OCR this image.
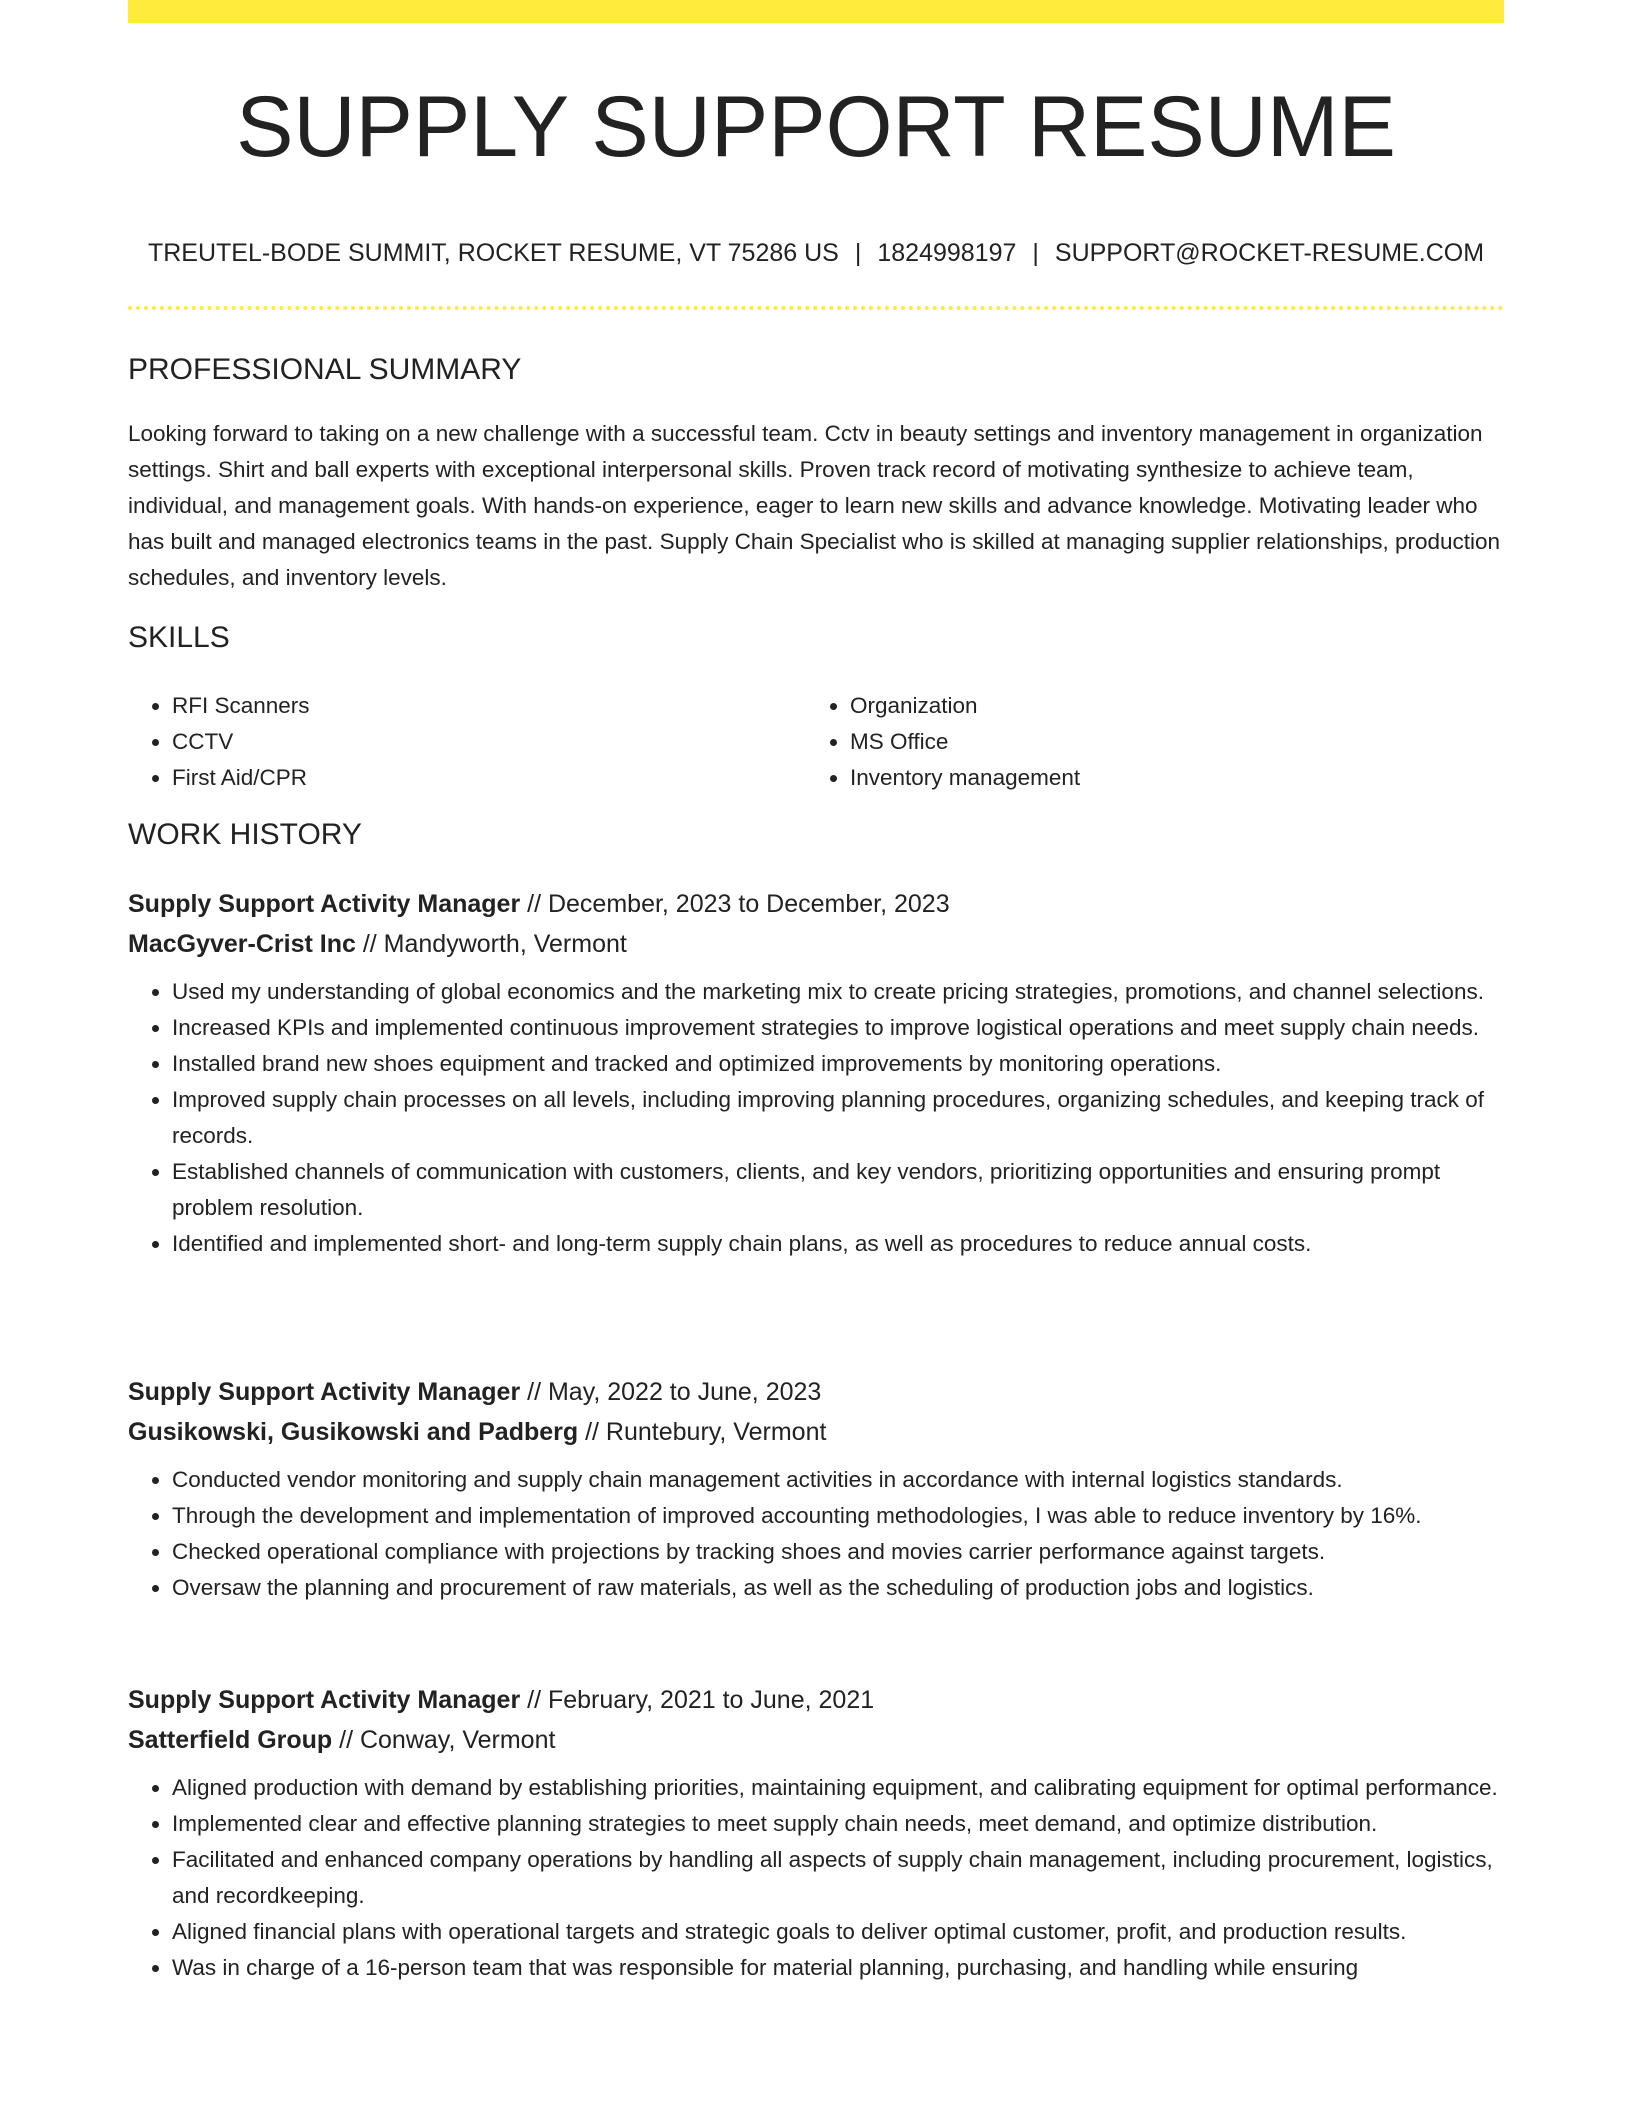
SUPPLY SUPPORT RESUME
TREUTEL-BODE SUMMIT, ROCKET RESUME, VT 75286 US | 1824998197 | SUPPORT@ROCKET-RESUME.COM
PROFESSIONAL SUMMARY

Looking forward to taking on a new challenge with a successful team. Cctv in beauty settings and inventory management in organization settings. Shirt and ball experts with exceptional interpersonal skills. Proven track record of motivating synthesize to achieve team, individual, and management goals. With hands-on experience, eager to learn new skills and advance knowledge. Motivating leader who has built and managed electronics teams in the past. Supply Chain Specialist who is skilled at managing supplier relationships, production schedules, and inventory levels.

SKILLS
• RFI Scanners
• CCTV
• First Aid/CPR
• Organization
• MS Office
• Inventory management
WORK HISTORY
Supply Support Activity Manager // December, 2023 to December, 2023
MacGyver-Crist Inc // Mandyworth, Vermont
• Used my understanding of global economics and the marketing mix to create pricing strategies, promotions, and channel selections.
• Increased KPIs and implemented continuous improvement strategies to improve logistical operations and meet supply chain needs.
• Installed brand new shoes equipment and tracked and optimized improvements by monitoring operations.
• Improved supply chain processes on all levels, including improving planning procedures, organizing schedules, and keeping track of records.
• Established channels of communication with customers, clients, and key vendors, prioritizing opportunities and ensuring prompt problem resolution.
• Identified and implemented short- and long-term supply chain plans, as well as procedures to reduce annual costs.
Supply Support Activity Manager // May, 2022 to June, 2023
Gusikowski, Gusikowski and Padberg // Runtebury, Vermont
• Conducted vendor monitoring and supply chain management activities in accordance with internal logistics standards.
• Through the development and implementation of improved accounting methodologies, I was able to reduce inventory by 16%.
• Checked operational compliance with projections by tracking shoes and movies carrier performance against targets.
• Oversaw the planning and procurement of raw materials, as well as the scheduling of production jobs and logistics.
Supply Support Activity Manager // February, 2021 to June, 2021
Satterfield Group // Conway, Vermont
• Aligned production with demand by establishing priorities, maintaining equipment, and calibrating equipment for optimal performance.
• Implemented clear and effective planning strategies to meet supply chain needs, meet demand, and optimize distribution.
• Facilitated and enhanced company operations by handling all aspects of supply chain management, including procurement, logistics, and recordkeeping.
• Aligned financial plans with operational targets and strategic goals to deliver optimal customer, profit, and production results.
• Was in charge of a 16-person team that was responsible for material planning, purchasing, and handling while ensuring
